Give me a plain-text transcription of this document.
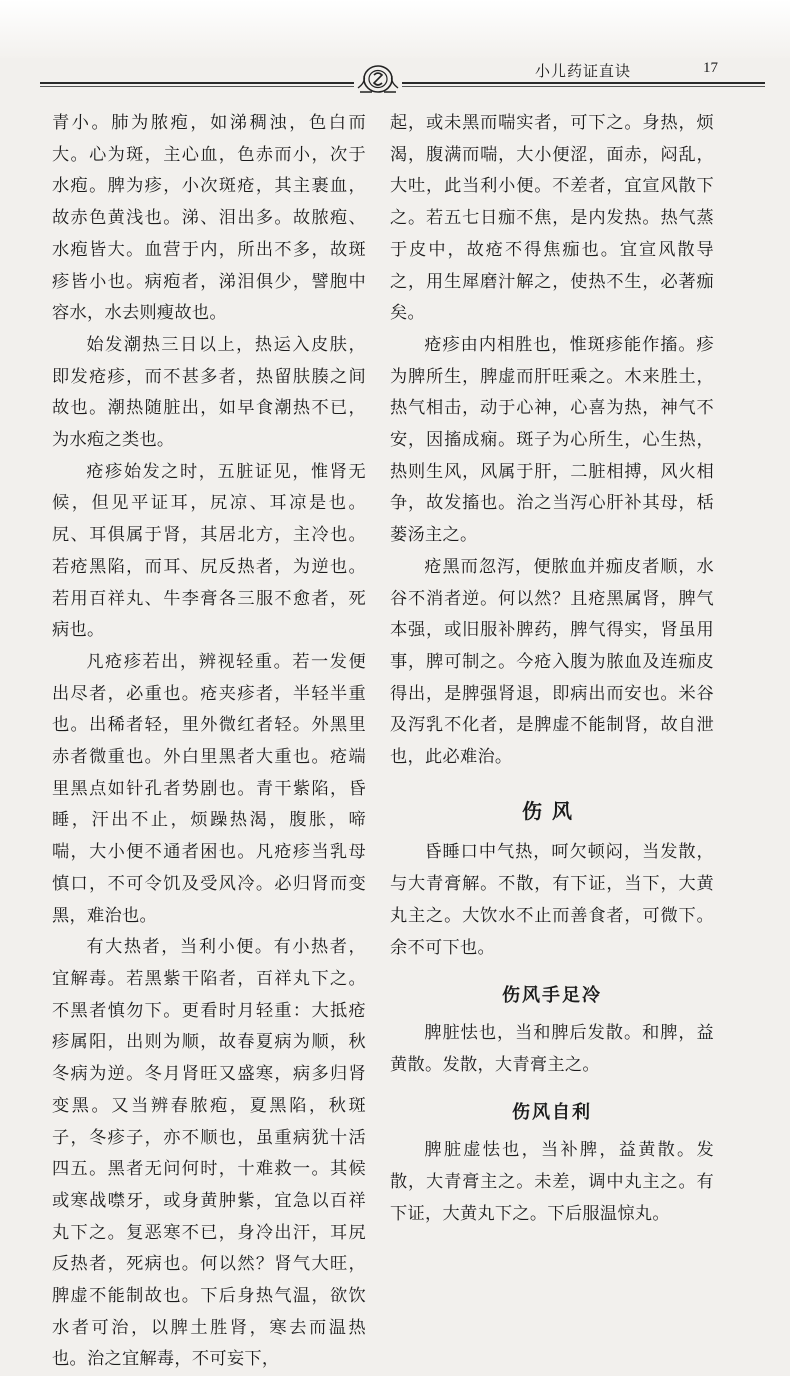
小儿药证直诀	17

青小。肺为脓疱，如涕稠浊，色白而大。心为斑，主心血，色赤而小，次于水疱。脾为疹，小次斑疮，其主裹血，故赤色黄浅也。涕、泪出多。故脓疱、水疱皆大。血营于内，所出不多，故斑疹皆小也。病疱者，涕泪俱少，譬胞中容水，水去则瘦故也。

始发潮热三日以上，热运入皮肤，即发疮疹，而不甚多者，热留肤腠之间故也。潮热随脏出，如早食潮热不已，为水疱之类也。

疮疹始发之时，五脏证见，惟肾无候，但见平证耳，尻凉、耳凉是也。尻、耳俱属于肾，其居北方，主冷也。若疮黑陷，而耳、尻反热者，为逆也。若用百祥丸、牛李膏各三服不愈者，死病也。

凡疮疹若出，辨视轻重。若一发便出尽者，必重也。疮夹疹者，半轻半重也。出稀者轻，里外微红者轻。外黑里赤者微重也。外白里黑者大重也。疮端里黑点如针孔者势剧也。青干紫陷，昏睡，汗出不止，烦躁热渴，腹胀，啼喘，大小便不通者困也。凡疮疹当乳母慎口，不可令饥及受风冷。必归肾而变黑，难治也。

有大热者，当利小便。有小热者，宜解毒。若黑紫干陷者，百祥丸下之。不黑者慎勿下。更看时月轻重：大抵疮疹属阳，出则为顺，故春夏病为顺，秋冬病为逆。冬月肾旺又盛寒，病多归肾变黑。又当辨春脓疱，夏黑陷，秋斑子，冬疹子，亦不顺也，虽重病犹十活四五。黑者无问何时，十难救一。其候或寒战噤牙，或身黄肿紫，宜急以百祥丸下之。复恶寒不已，身冷出汗，耳尻反热者，死病也。何以然？肾气大旺，脾虚不能制故也。下后身热气温，欲饮水者可治，以脾土胜肾，寒去而温热也。治之宜解毒，不可妄下，

起，或未黑而喘实者，可下之。身热，烦渴，腹满而喘，大小便涩，面赤，闷乱，大吐，此当利小便。不差者，宜宣风散下之。若五七日痂不焦，是内发热。热气蒸于皮中，故疮不得焦痂也。宜宣风散导之，用生犀磨汁解之，使热不生，必著痂矣。

疮疹由内相胜也，惟斑疹能作搐。疹为脾所生，脾虚而肝旺乘之。木来胜土，热气相击，动于心神，心喜为热，神气不安，因搐成痫。斑子为心所生，心生热，热则生风，风属于肝，二脏相搏，风火相争，故发搐也。治之当泻心肝补其母，栝蒌汤主之。

疮黑而忽泻，便脓血并痂皮者顺，水谷不消者逆。何以然？且疮黑属肾，脾气本强，或旧服补脾药，脾气得实，肾虽用事，脾可制之。今疮入腹为脓血及连痂皮得出，是脾强肾退，即病出而安也。米谷及泻乳不化者，是脾虚不能制肾，故自泄也，此必难治。

伤风

昏睡口中气热，呵欠顿闷，当发散，与大青膏解。不散，有下证，当下，大黄丸主之。大饮水不止而善食者，可微下。余不可下也。

伤风手足冷

脾脏怯也，当和脾后发散。和脾，益黄散。发散，大青膏主之。

伤风自利

脾脏虚怯也，当补脾，益黄散。发散，大青膏主之。未差，调中丸主之。有下证，大黄丸下之。下后服温惊丸。
